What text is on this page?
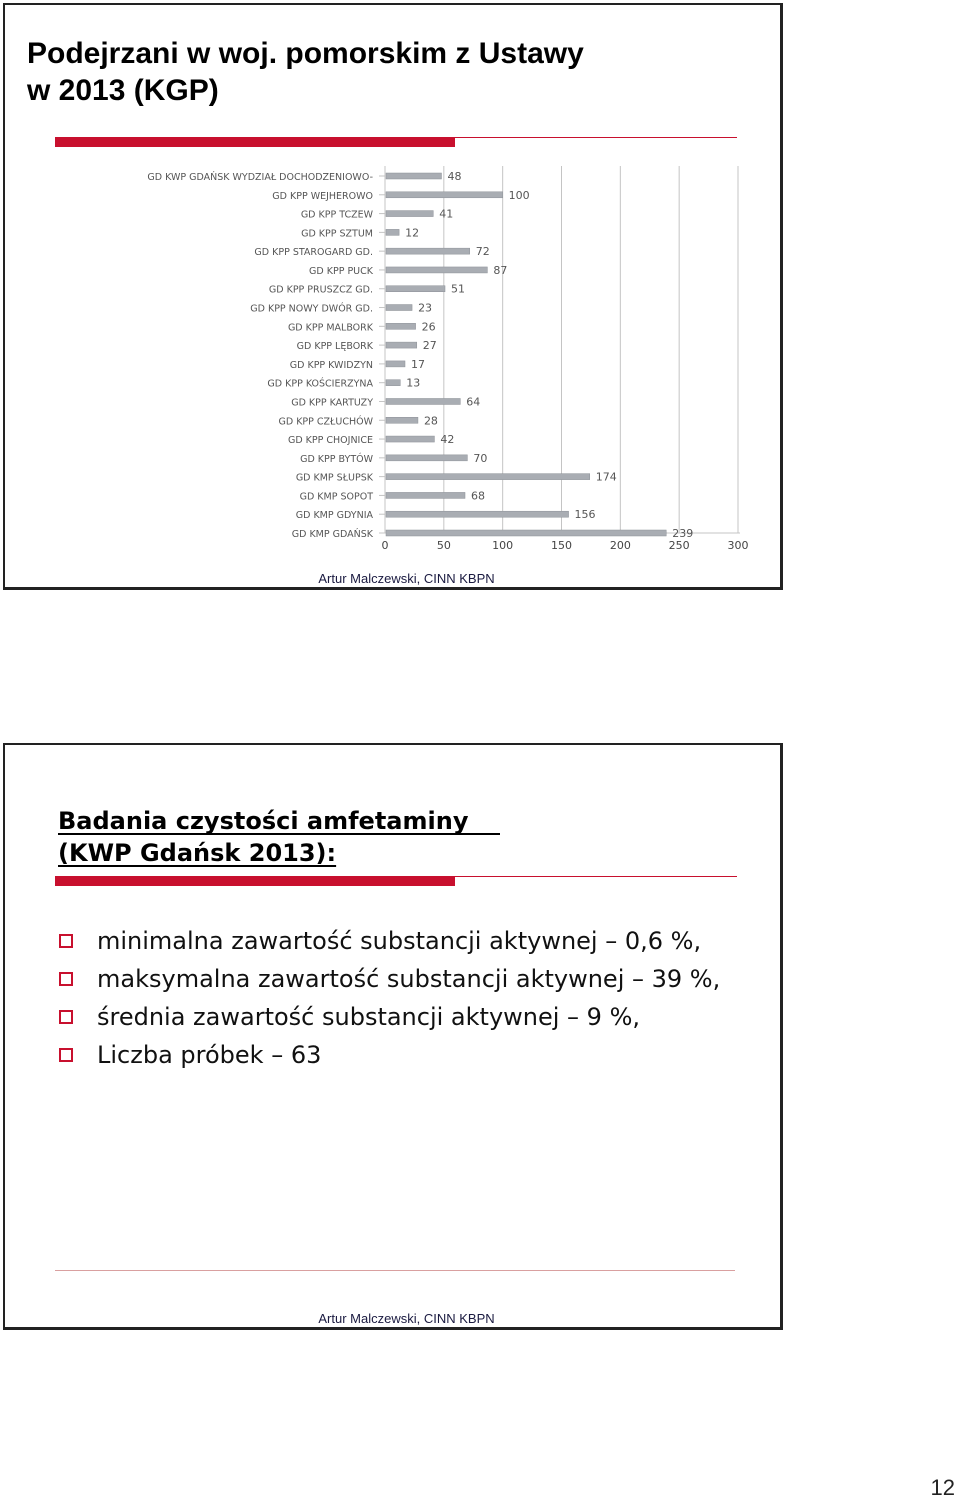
Podejrzani w woj. pomorskim z Ustawy
w 2013 (KGP)
0	50	100	150	200	250	300
GD KWP GDAŃSK WYDZIAŁ DOCHODZENIOWO-	48
GD KPP WEJHEROWO	100
GD KPP TCZEW	41
GD KPP SZTUM	12
GD KPP STAROGARD GD.	72
GD KPP PUCK	87
GD KPP PRUSZCZ GD.	51
GD KPP NOWY DWÓR GD.	23
GD KPP MALBORK	26
GD KPP LĘBORK	27
GD KPP KWIDZYN	17
GD KPP KOŚCIERZYNA	13
GD KPP KARTUZY	64
GD KPP CZŁUCHÓW	28
GD KPP CHOJNICE	42
GD KPP BYTÓW	70
GD KMP SŁUPSK	174
GD KMP SOPOT	68
GD KMP GDYNIA	156
GD KMP GDAŃSK	239
Artur Malczewski, CINN KBPN
Badania czystości amfetaminy
(KWP Gdańsk 2013):
minimalna zawartość substancji aktywnej – 0,6 %,
maksymalna zawartość substancji aktywnej – 39 %,
średnia zawartość substancji aktywnej – 9 %,
Liczba próbek – 63
Artur Malczewski, CINN KBPN
12
